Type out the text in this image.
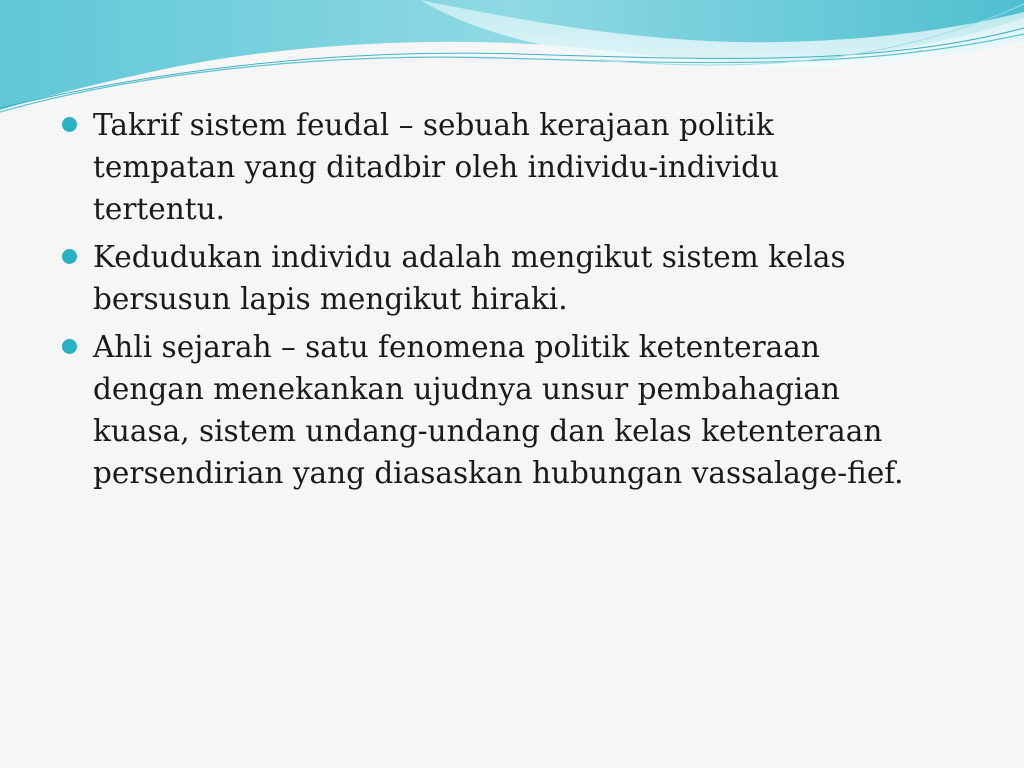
Takrif sistem feudal – sebuah kerajaan politik
tempatan yang ditadbir oleh individu-individu
tertentu.
Kedudukan individu adalah mengikut sistem kelas
bersusun lapis mengikut hiraki.
Ahli sejarah – satu fenomena politik ketenteraan
dengan menekankan ujudnya unsur pembahagian
kuasa, sistem undang-undang dan kelas ketenteraan
persendirian yang diasaskan hubungan vassalage-fief.
